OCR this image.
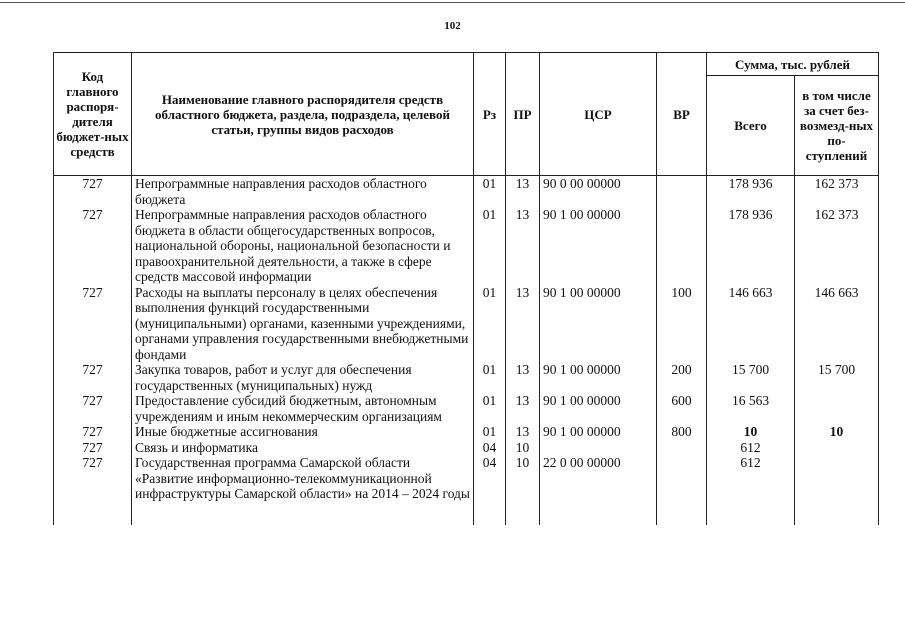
102
Код главного распоря-дителя бюджет-ных средств	Наименование главного распорядителя средств областного бюджета, раздела, подраздела, целевой статьи, группы видов расходов	Рз	ПР	ЦСР	ВР	Сумма, тыс. рублей	
						Всего	в том числе за счет без-возмезд-ных по-ступлений
727	Непрограммные направления расходов областного бюджета	01	13	90 0 00 00000		178 936	162 373
727	Непрограммные направления расходов областного бюджета в области общегосударственных вопросов, национальной обороны, национальной безопасности и правоохранительной деятельности, а также в сфере средств массовой информации	01	13	90 1 00 00000		178 936	162 373
727	Расходы на выплаты персоналу в целях обеспечения выполнения функций государственными (муниципальными) органами, казенными учреждениями, органами управления государственными внебюджетными фондами	01	13	90 1 00 00000	100	146 663	146 663
727	Закупка товаров, работ и услуг для обеспечения государственных (муниципальных) нужд	01	13	90 1 00 00000	200	15 700	15 700
727	Предоставление субсидий бюджетным, автономным учреждениям и иным некоммерческим организациям	01	13	90 1 00 00000	600	16 563	
727	Иные бюджетные ассигнования	01	13	90 1 00 00000	800	10	10
727	Связь и информатика	04	10			612	
727	Государственная программа Самарской области «Развитие информационно-телекоммуникационной инфраструктуры Самарской области» на 2014 – 2024 годы	04	10	22 0 00 00000		612	
